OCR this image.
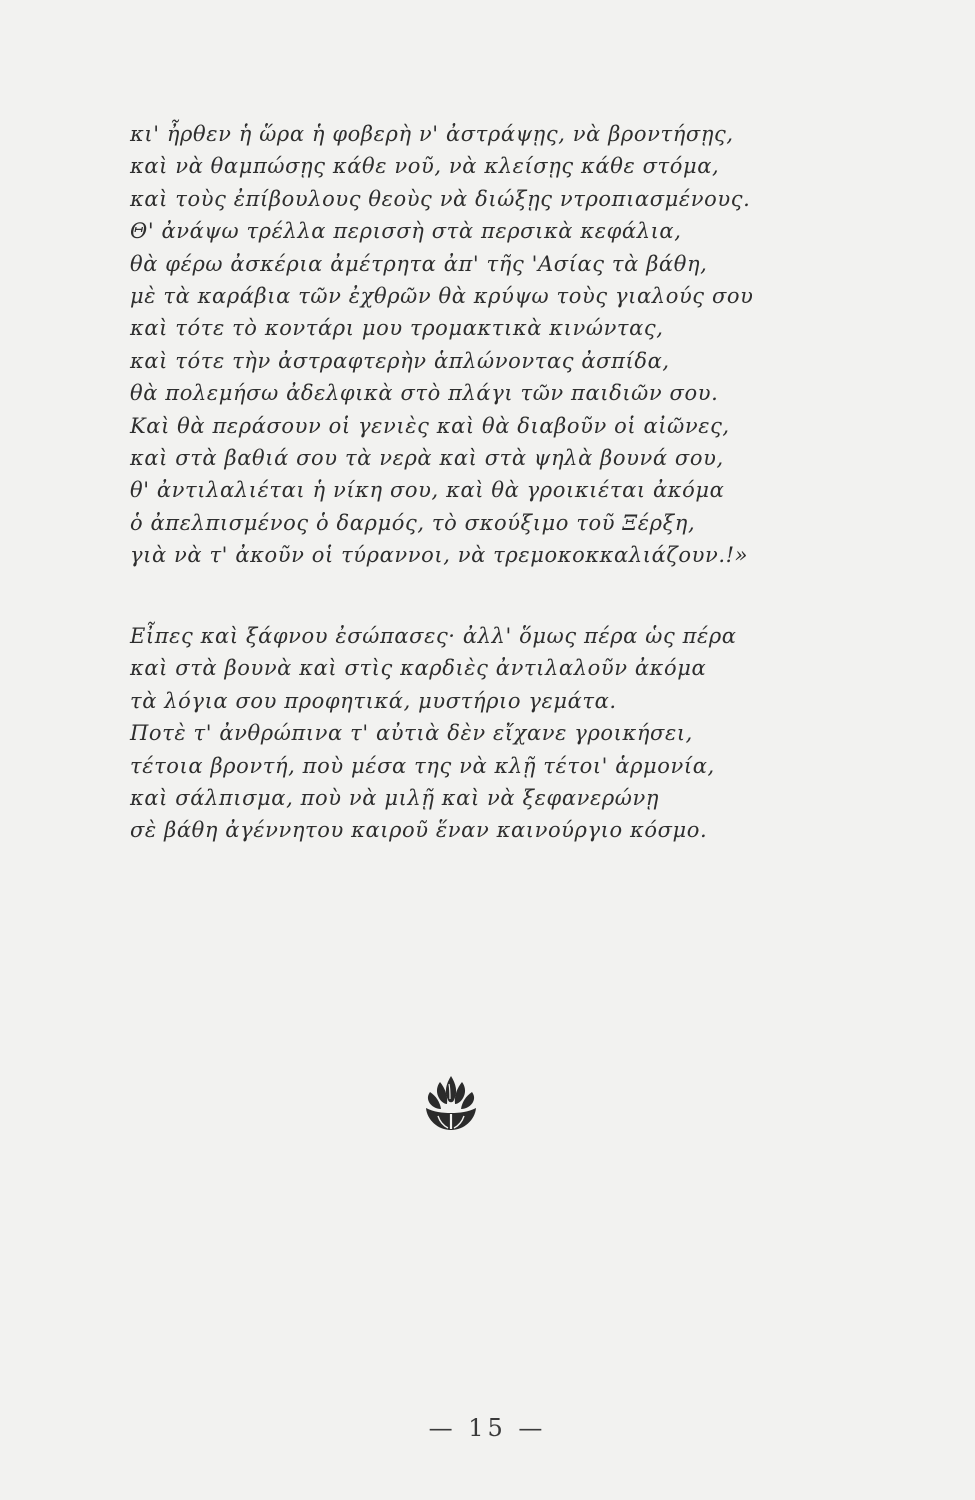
κι' ἦρθεν ἡ ὥρα ἡ φοβερὴ ν' ἀστράψῃς, νὰ βροντήσῃς,
καὶ νὰ θαμπώσῃς κάθε νοῦ, νὰ κλείσῃς κάθε στόμα,
καὶ τοὺς ἐπίβουλους θεοὺς νὰ διώξῃς ντροπιασμένους.
Θ' ἀνάψω τρέλλα περισσὴ στὰ περσικὰ κεφάλια,
θὰ φέρω ἀσκέρια ἀμέτρητα ἀπ' τῆς 'Ασίας τὰ βάθη,
μὲ τὰ καράβια τῶν ἐχθρῶν θὰ κρύψω τοὺς γιαλούς σου
καὶ τότε τὸ κοντάρι μου τρομακτικὰ κινώντας,
καὶ τότε τὴν ἀστραφτερὴν ἁπλώνοντας ἀσπίδα,
θὰ πολεμήσω ἀδελφικὰ στὸ πλάγι τῶν παιδιῶν σου.
Καὶ θὰ περάσουν οἱ γενιὲς καὶ θὰ διαβοῦν οἱ αἰῶνες,
καὶ στὰ βαθιά σου τὰ νερὰ καὶ στὰ ψηλὰ βουνά σου,
θ' ἀντιλαλιέται ἡ νίκη σου, καὶ θὰ γροικιέται ἀκόμα
ὁ ἀπελπισμένος ὁ δαρμός, τὸ σκούξιμο τοῦ Ξέρξη,
γιὰ νὰ τ' ἀκοῦν οἱ τύραννοι, νὰ τρεμοκοκκαλιάζουν.!»
Εἶπες καὶ ξάφνου ἐσώπασες· ἀλλ' ὅμως πέρα ὡς πέρα
καὶ στὰ βουνὰ καὶ στὶς καρδιὲς ἀντιλαλοῦν ἀκόμα
τὰ λόγια σου προφητικά, μυστήριο γεμάτα.
Ποτὲ τ' ἀνθρώπινα τ' αὐτιὰ δὲν εἴχανε γροικήσει,
τέτοια βροντή, ποὺ μέσα της νὰ κλῇ τέτοι' ἁρμονία,
καὶ σάλπισμα, ποὺ νὰ μιλῇ καὶ νὰ ξεφανερώνῃ
σὲ βάθη ἀγέννητου καιροῦ ἕναν καινούργιο κόσμο.
— 15 —
